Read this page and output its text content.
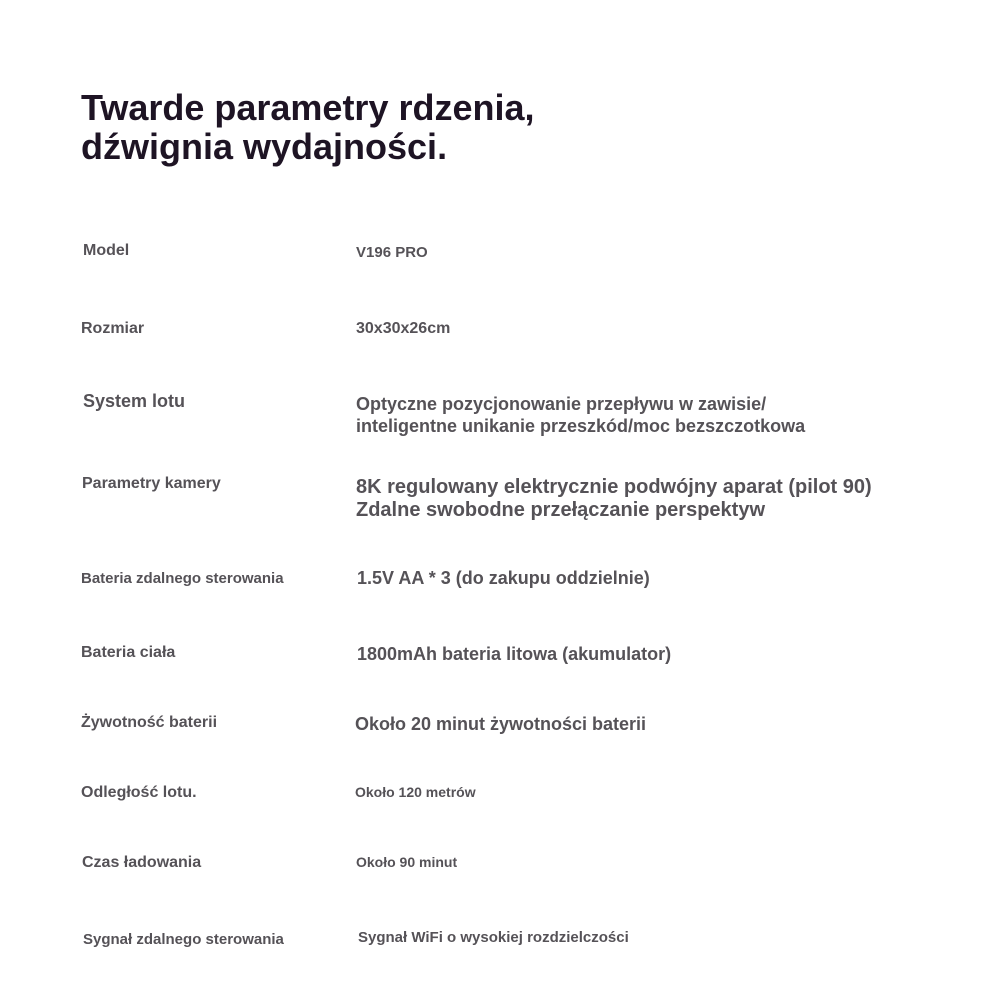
Twarde parametry rdzenia,
dźwignia wydajności.
Model	V196 PRO
Rozmiar	30x30x26cm
System lotu	Optyczne pozycjonowanie przepływu w zawisie/
inteligentne unikanie przeszkód/moc bezszczotkowa
Parametry kamery	8K regulowany elektrycznie podwójny aparat (pilot 90)
Zdalne swobodne przełączanie perspektyw
Bateria zdalnego sterowania	1.5V AA * 3 (do zakupu oddzielnie)
Bateria ciała	1800mAh bateria litowa (akumulator)
Żywotność baterii	Około 20 minut żywotności baterii
Odległość lotu.	Około 120 metrów
Czas ładowania	Około 90 minut
Sygnał zdalnego sterowania	Sygnał WiFi o wysokiej rozdzielczości
